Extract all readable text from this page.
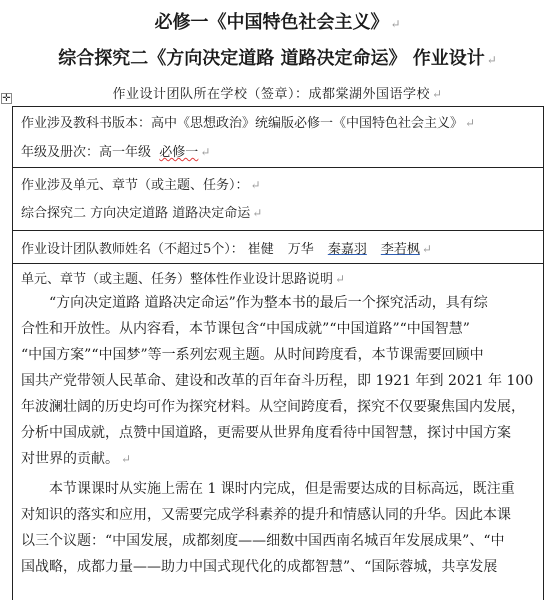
必修一《中国特色社会主义》 ↵
综合探究二《方向决定道路 道路决定命运》 作业设计 ↵
作业设计团队所在学校（签章）：成都棠湖外国语学校 ↵
✛
作业涉及教科书版本：高中《思想政治》统编版必修一《中国特色社会主义》 ↵
年级及册次：高一年级 必修一 ↵
作业涉及单元、章节（或主题、任务）： ↵
综合探究二 方向决定道路 道路决定命运 ↵
作业设计团队教师姓名（不超过5个）： 崔健 万华 秦嘉羽 李若枫 ↵
单元、章节（或主题、任务）整体性作业设计思路说明 ↵
“方向决定道路 道路决定命运”作为整本书的最后一个探究活动，具有综
合性和开放性。从内容看，本节课包含“中国成就”“中国道路”“中国智慧”
“中国方案”“中国梦”等一系列宏观主题。从时间跨度看，本节课需要回顾中
国共产党带领人民革命、建设和改革的百年奋斗历程，即 1921 年到 2021 年 100
年波澜壮阔的历史均可作为探究材料。从空间跨度看，探究不仅要聚焦国内发展，
分析中国成就，点赞中国道路，更需要从世界角度看待中国智慧，探讨中国方案
对世界的贡献。 ↵
本节课课时从实施上需在 1 课时内完成，但是需要达成的目标高远，既注重
对知识的落实和应用，又需要完成学科素养的提升和情感认同的升华。因此本课
以三个议题：“中国发展，成都刻度——细数中国西南名城百年发展成果”、“中
国战略，成都力量——助力中国式现代化的成都智慧”、“国际蓉城，共享发展
